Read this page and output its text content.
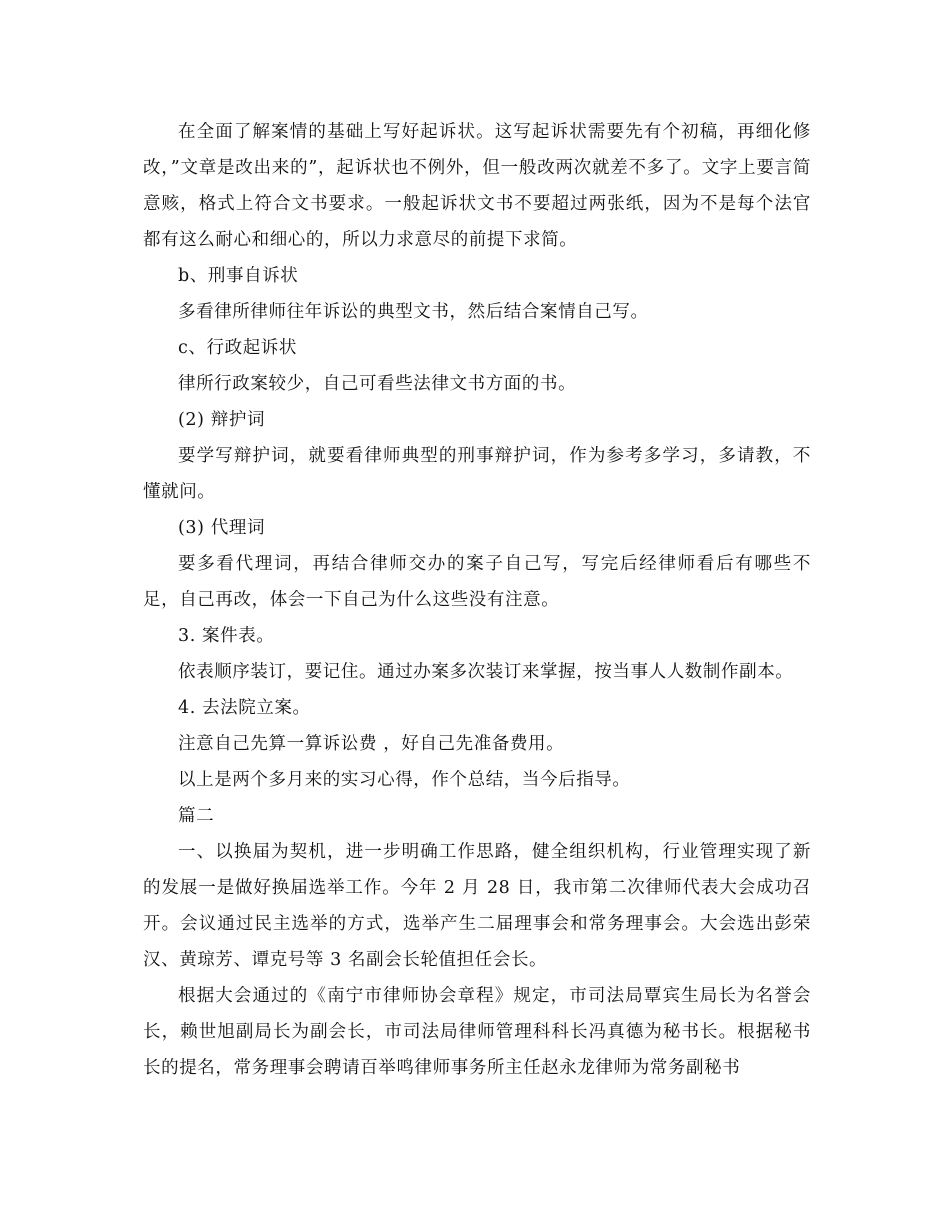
在全面了解案情的基础上写好起诉状。这写起诉状需要先有个初稿，再细化修改，”文章是改出来的”，起诉状也不例外，但一般改两次就差不多了。文字上要言简意赅，格式上符合文书要求。一般起诉状文书不要超过两张纸，因为不是每个法官都有这么耐心和细心的，所以力求意尽的前提下求简。

b、刑事自诉状

多看律所律师往年诉讼的典型文书，然后结合案情自己写。

c、行政起诉状

律所行政案较少，自己可看些法律文书方面的书。

(2) 辩护词

要学写辩护词，就要看律师典型的刑事辩护词，作为参考多学习，多请教，不懂就问。

(3) 代理词

要多看代理词，再结合律师交办的案子自己写，写完后经律师看后有哪些不足，自己再改，体会一下自己为什么这些没有注意。

3. 案件表。

依表顺序装订，要记住。通过办案多次装订来掌握，按当事人人数制作副本。

4. 去法院立案。

注意自己先算一算诉讼费 ，好自己先准备费用。

以上是两个多月来的实习心得，作个总结，当今后指导。

篇二

一、以换届为契机，进一步明确工作思路，健全组织机构，行业管理实现了新的发展一是做好换届选举工作。今年 2 月 28 日，我市第二次律师代表大会成功召开。会议通过民主选举的方式，选举产生二届理事会和常务理事会。大会选出彭荣汉、黄琼芳、谭克号等 3 名副会长轮值担任会长。

根据大会通过的《南宁市律师协会章程》规定，市司法局覃宾生局长为名誉会长，赖世旭副局长为副会长，市司法局律师管理科科长冯真德为秘书长。根据秘书长的提名，常务理事会聘请百举鸣律师事务所主任赵永龙律师为常务副秘书
